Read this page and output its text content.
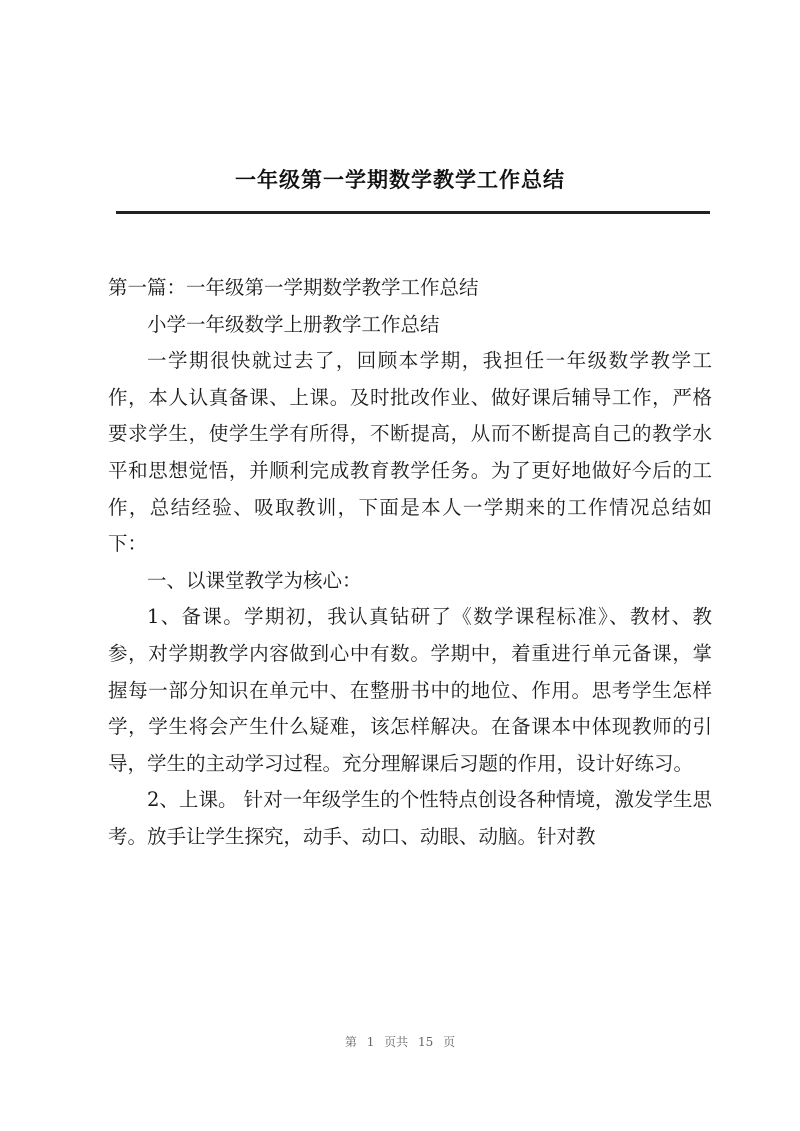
一年级第一学期数学教学工作总结

第一篇：一年级第一学期数学教学工作总结

小学一年级数学上册教学工作总结

一学期很快就过去了，回顾本学期，我担任一年级数学教学工作，本人认真备课、上课。及时批改作业、做好课后辅导工作，严格要求学生，使学生学有所得，不断提高，从而不断提高自己的教学水平和思想觉悟，并顺利完成教育教学任务。为了更好地做好今后的工作，总结经验、吸取教训，下面是本人一学期来的工作情况总结如下：

一、以课堂教学为核心：

1、备课。学期初，我认真钻研了《数学课程标准》、教材、教参，对学期教学内容做到心中有数。学期中，着重进行单元备课，掌握每一部分知识在单元中、在整册书中的地位、作用。思考学生怎样学，学生将会产生什么疑难，该怎样解决。在备课本中体现教师的引导，学生的主动学习过程。充分理解课后习题的作用，设计好练习。

2、上课。 针对一年级学生的个性特点创设各种情境，激发学生思考。放手让学生探究，动手、动口、动眼、动脑。针对教

第 1 页共 15 页
